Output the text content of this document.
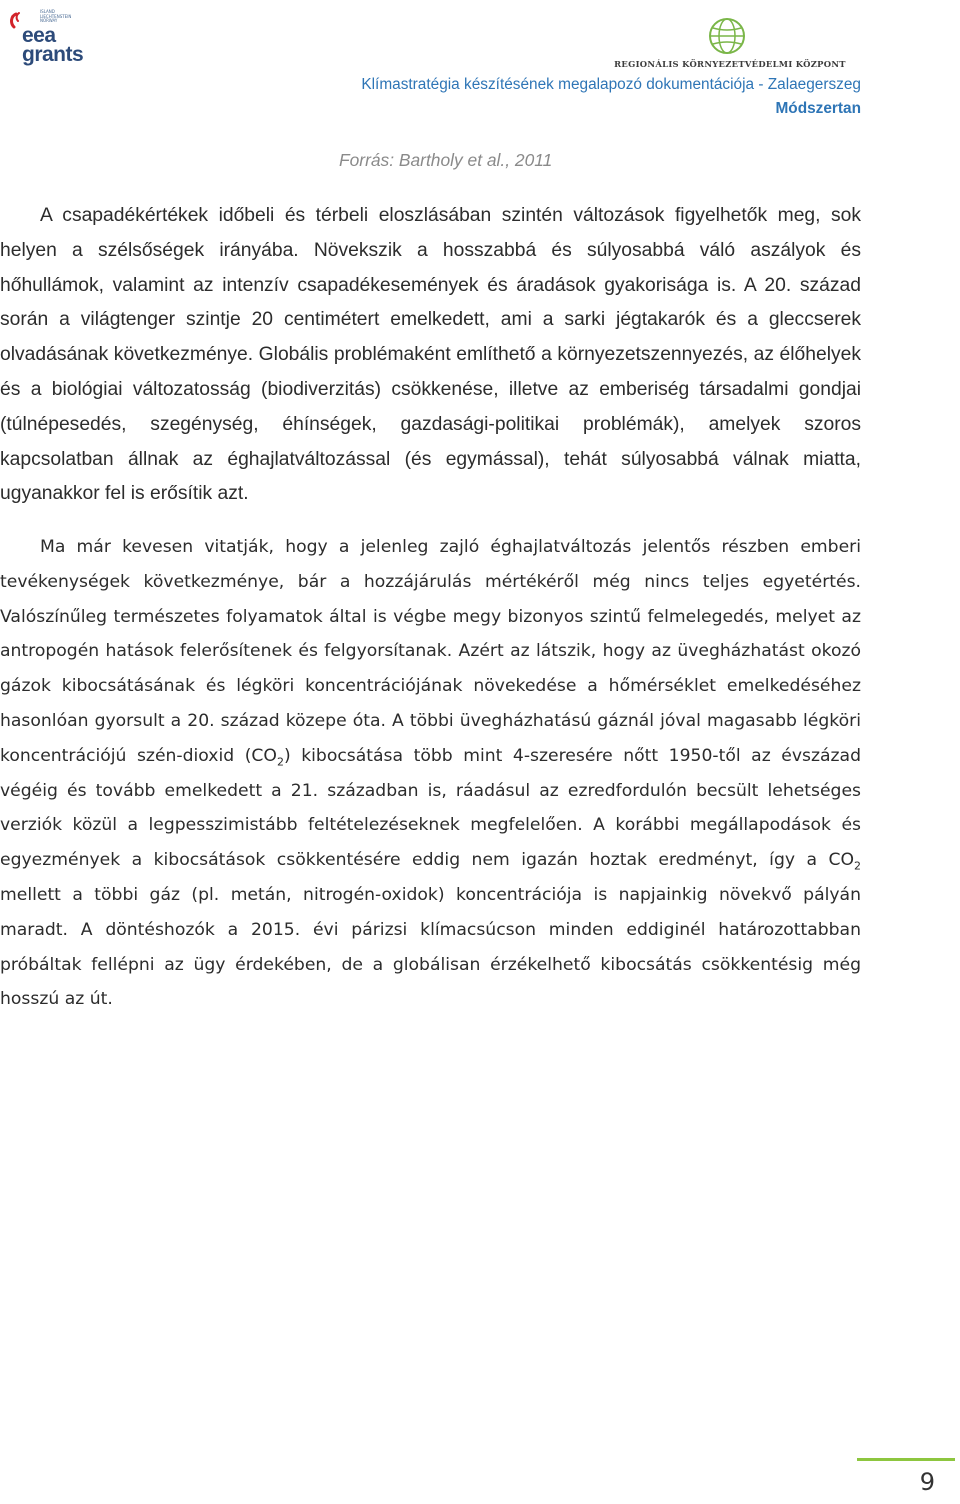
ISLAND LIECHTENSTEIN NORWAY
eea
grants	REGIONÁLIS KÖRNYEZETVÉDELMI KÖZPONT
Klímastratégia készítésének megalapozó dokumentációja - Zalaegerszeg
Módszertan
Forrás: Bartholy et al., 2011

A csapadékértékek időbeli és térbeli eloszlásában szintén változások figyelhetők meg, sok helyen a szélsőségek irányába. Növekszik a hosszabbá és súlyosabbá váló aszályok és hőhullámok, valamint az intenzív csapadékesemények és áradások gyakorisága is. A 20. század során a világtenger szintje 20 centimétert emelkedett, ami a sarki jégtakarók és a gleccserek olvadásának következménye. Globális problémaként említhető a környezetszennyezés, az élőhelyek és a biológiai változatosság (biodiverzitás) csökkenése, illetve az emberiség társadalmi gondjai (túlnépesedés, szegénység, éhínségek, gazdasági-politikai problémák), amelyek szoros kapcsolatban állnak az éghajlatváltozással (és egymással), tehát súlyosabbá válnak miatta, ugyanakkor fel is erősítik azt.

Ma már kevesen vitatják, hogy a jelenleg zajló éghajlatváltozás jelentős részben emberi tevékenységek következménye, bár a hozzájárulás mértékéről még nincs teljes egyetértés. Valószínűleg természetes folyamatok által is végbe megy bizonyos szintű felmelegedés, melyet az antropogén hatások felerősítenek és felgyorsítanak. Azért az látszik, hogy az üvegházhatást okozó gázok kibocsátásának és légköri koncentrációjának növekedése a hőmérséklet emelkedéséhez hasonlóan gyorsult a 20. század közepe óta. A többi üvegházhatású gáznál jóval magasabb légköri koncentrációjú szén-dioxid $(CO_2)$ kibocsátása több mint 4-szeresére nőtt 1950-től az évszázad végéig és tovább emelkedett a 21. században is, ráadásul az ezredfordulón becsült lehetséges verziók közül a legpesszimistább feltételezéseknek megfelelően. A korábbi megállapodások és egyezmények a kibocsátások csökkentésére eddig nem igazán hoztak eredményt, így a $CO_2$ mellett a többi gáz (pl. metán, nitrogén-oxidok) koncentrációja is napjainkig növekvő pályán maradt. A döntéshozók a 2015. évi párizsi klímacsúcson minden eddiginél határozottabban próbáltak fellépni az ügy érdekében, de a globálisan érzékelhető kibocsátás csökkentésig még hosszú az út.

9
